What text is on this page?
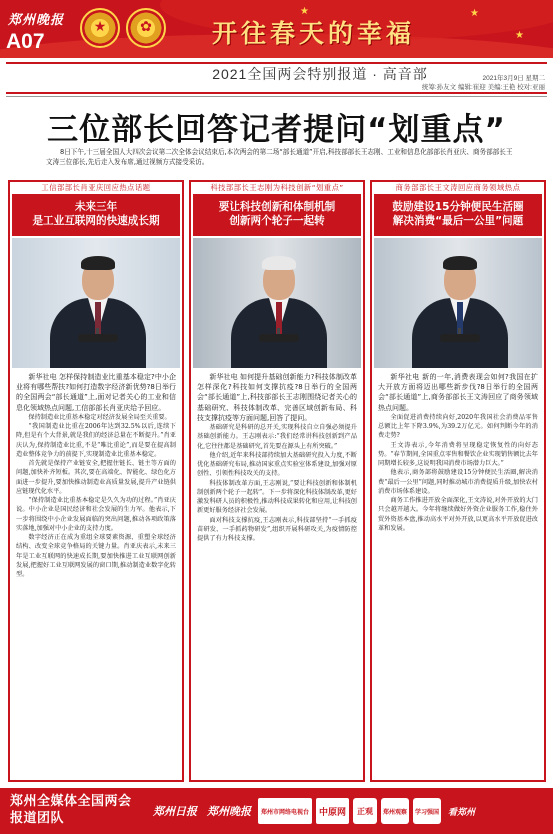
★	★
★
郑州晚报
A07
★	✿	开往春天的幸福
2021全国两会特别报道 · 高音部	2021年3月9日 星期二
统筹:孙友文 编辑:崔迎 美编:王艳 校对:亚丽
三位部长回答记者提问“划重点”
8日下午,十三届全国人大四次会议第二次全体会议结束后,本次两会的第二场“部长通道”开启,科技部部长王志刚、工业和信息化部部长肖亚庆、商务部部长王文涛三位部长,先后走入发布席,通过视频方式接受采访。
工信部部长肖亚庆回应热点话题
未来三年
是工业互联网的快速成长期

新华社电 怎样保持制造业比重基本稳定?中小企业将有哪些帮扶?如何打造数字经济新优势?8日举行的全国两会“部长通道”上,面对记者关心的工业和信息化领域热点问题,工信部部长肖亚庆给予回应。

保持制造业比重基本稳定对经济发展全局至关重要。

“我国制造业比重在2006年达到32.5%以后,连续下降,但是有个大背景,就是我们的经济总量在不断提升。”肖亚庆认为,保持制造业比重,不是“唯比重论”,而是要在提高制造业整体竞争力的前提下,实现制造业比重基本稳定。

首先就是保持产业链安全,把握住链长、链主等方面的问题,加快补齐短板。其次,要在高端化、智能化、绿色化方面进一步提升,要加快推动制造业高质量发展,提升产业链供应链现代化水平。

“保持制造业比重基本稳定是久久为功的过程。”肖亚庆说。中小企业是国民经济和社会发展的生力军。他表示,下一步将围绕中小企业发展面临的突出问题,推动各项政策落实落地,加强对中小企业的支持力度。

数字经济正在成为重组全球要素资源、重塑全球经济结构、改变全球竞争格局的关键力量。肖亚庆表示,未来三年是工业互联网的快速成长期,要加快推进工业互联网创新发展,把握好工业互联网发展的窗口期,推动制造业数字化转型。

科技部部长王志刚为科技创新“划重点”
要让科技创新和体制机制
创新两个轮子一起转

新华社电 如何提升基础创新能力?科技体制改革怎样深化?科技如何支撑抗疫?8日举行的全国两会“部长通道”上,科技部部长王志刚围绕记者关心的基础研究、科技体制改革、完善区域创新布局、科技支撑抗疫等方面问题,回答了提问。

基础研究是科研的总开关,实现科技自立自强必须提升基础创新能力。王志刚表示:“我们经常讲科技创新到产品化,它往往都是基础研究,首先要在源头上有所突破。”

他介绍,近年来科技部持续加大基础研究投入力度,不断优化基础研究布局,推动国家重点实验室体系建设,加强对原创性、引领性科技攻关的支持。

科技体制改革方面,王志刚说,“要让科技创新和体制机制创新两个轮子一起转”。下一步将深化科技体制改革,更好激发科研人员的积极性,推动科技成果转化和应用,让科技创新更好服务经济社会发展。

面对科技支撑抗疫,王志刚表示,科技部坚持“一手抓疫苗研发、一手抓药物研发”,组织开展科研攻关,为疫情防控提供了有力科技支撑。

商务部部长王文涛回应商务领域热点
鼓励建设15分钟便民生活圈
解决消费“最后一公里”问题

新华社电 新的一年,消费表现会如何?我国在扩大开放方面将迈出哪些新步伐?8日举行的全国两会“部长通道”上,商务部部长王文涛回应了商务领域热点问题。

全面促进消费持续向好,2020年我国社会消费品零售总额比上年下降3.9%,为39.2万亿元。如何判断今年的消费走势?

王文涛表示,今年消费将呈现稳定恢复性的向好态势。“春节期间,全国重点零售和餐饮企业实现销售额比去年同期增长较多,这说明我国消费市场潜力巨大。”

他表示,商务部将鼓励建设15分钟便民生活圈,解决消费“最后一公里”问题,同时推动城市消费提质升级,加快农村消费市场体系建设。

商务工作推进开放全面深化,王文涛说,对外开放的大门只会越开越大。今年将继续做好外资企业服务工作,稳住外贸外资基本盘,推动高水平对外开放,以更高水平开放促进改革和发展。

郑州全媒体全国两会
报道团队	郑州日报 郑州晚报	郑州市网络电视台	中原网	正观	郑州观察	学习强国 看郑州
